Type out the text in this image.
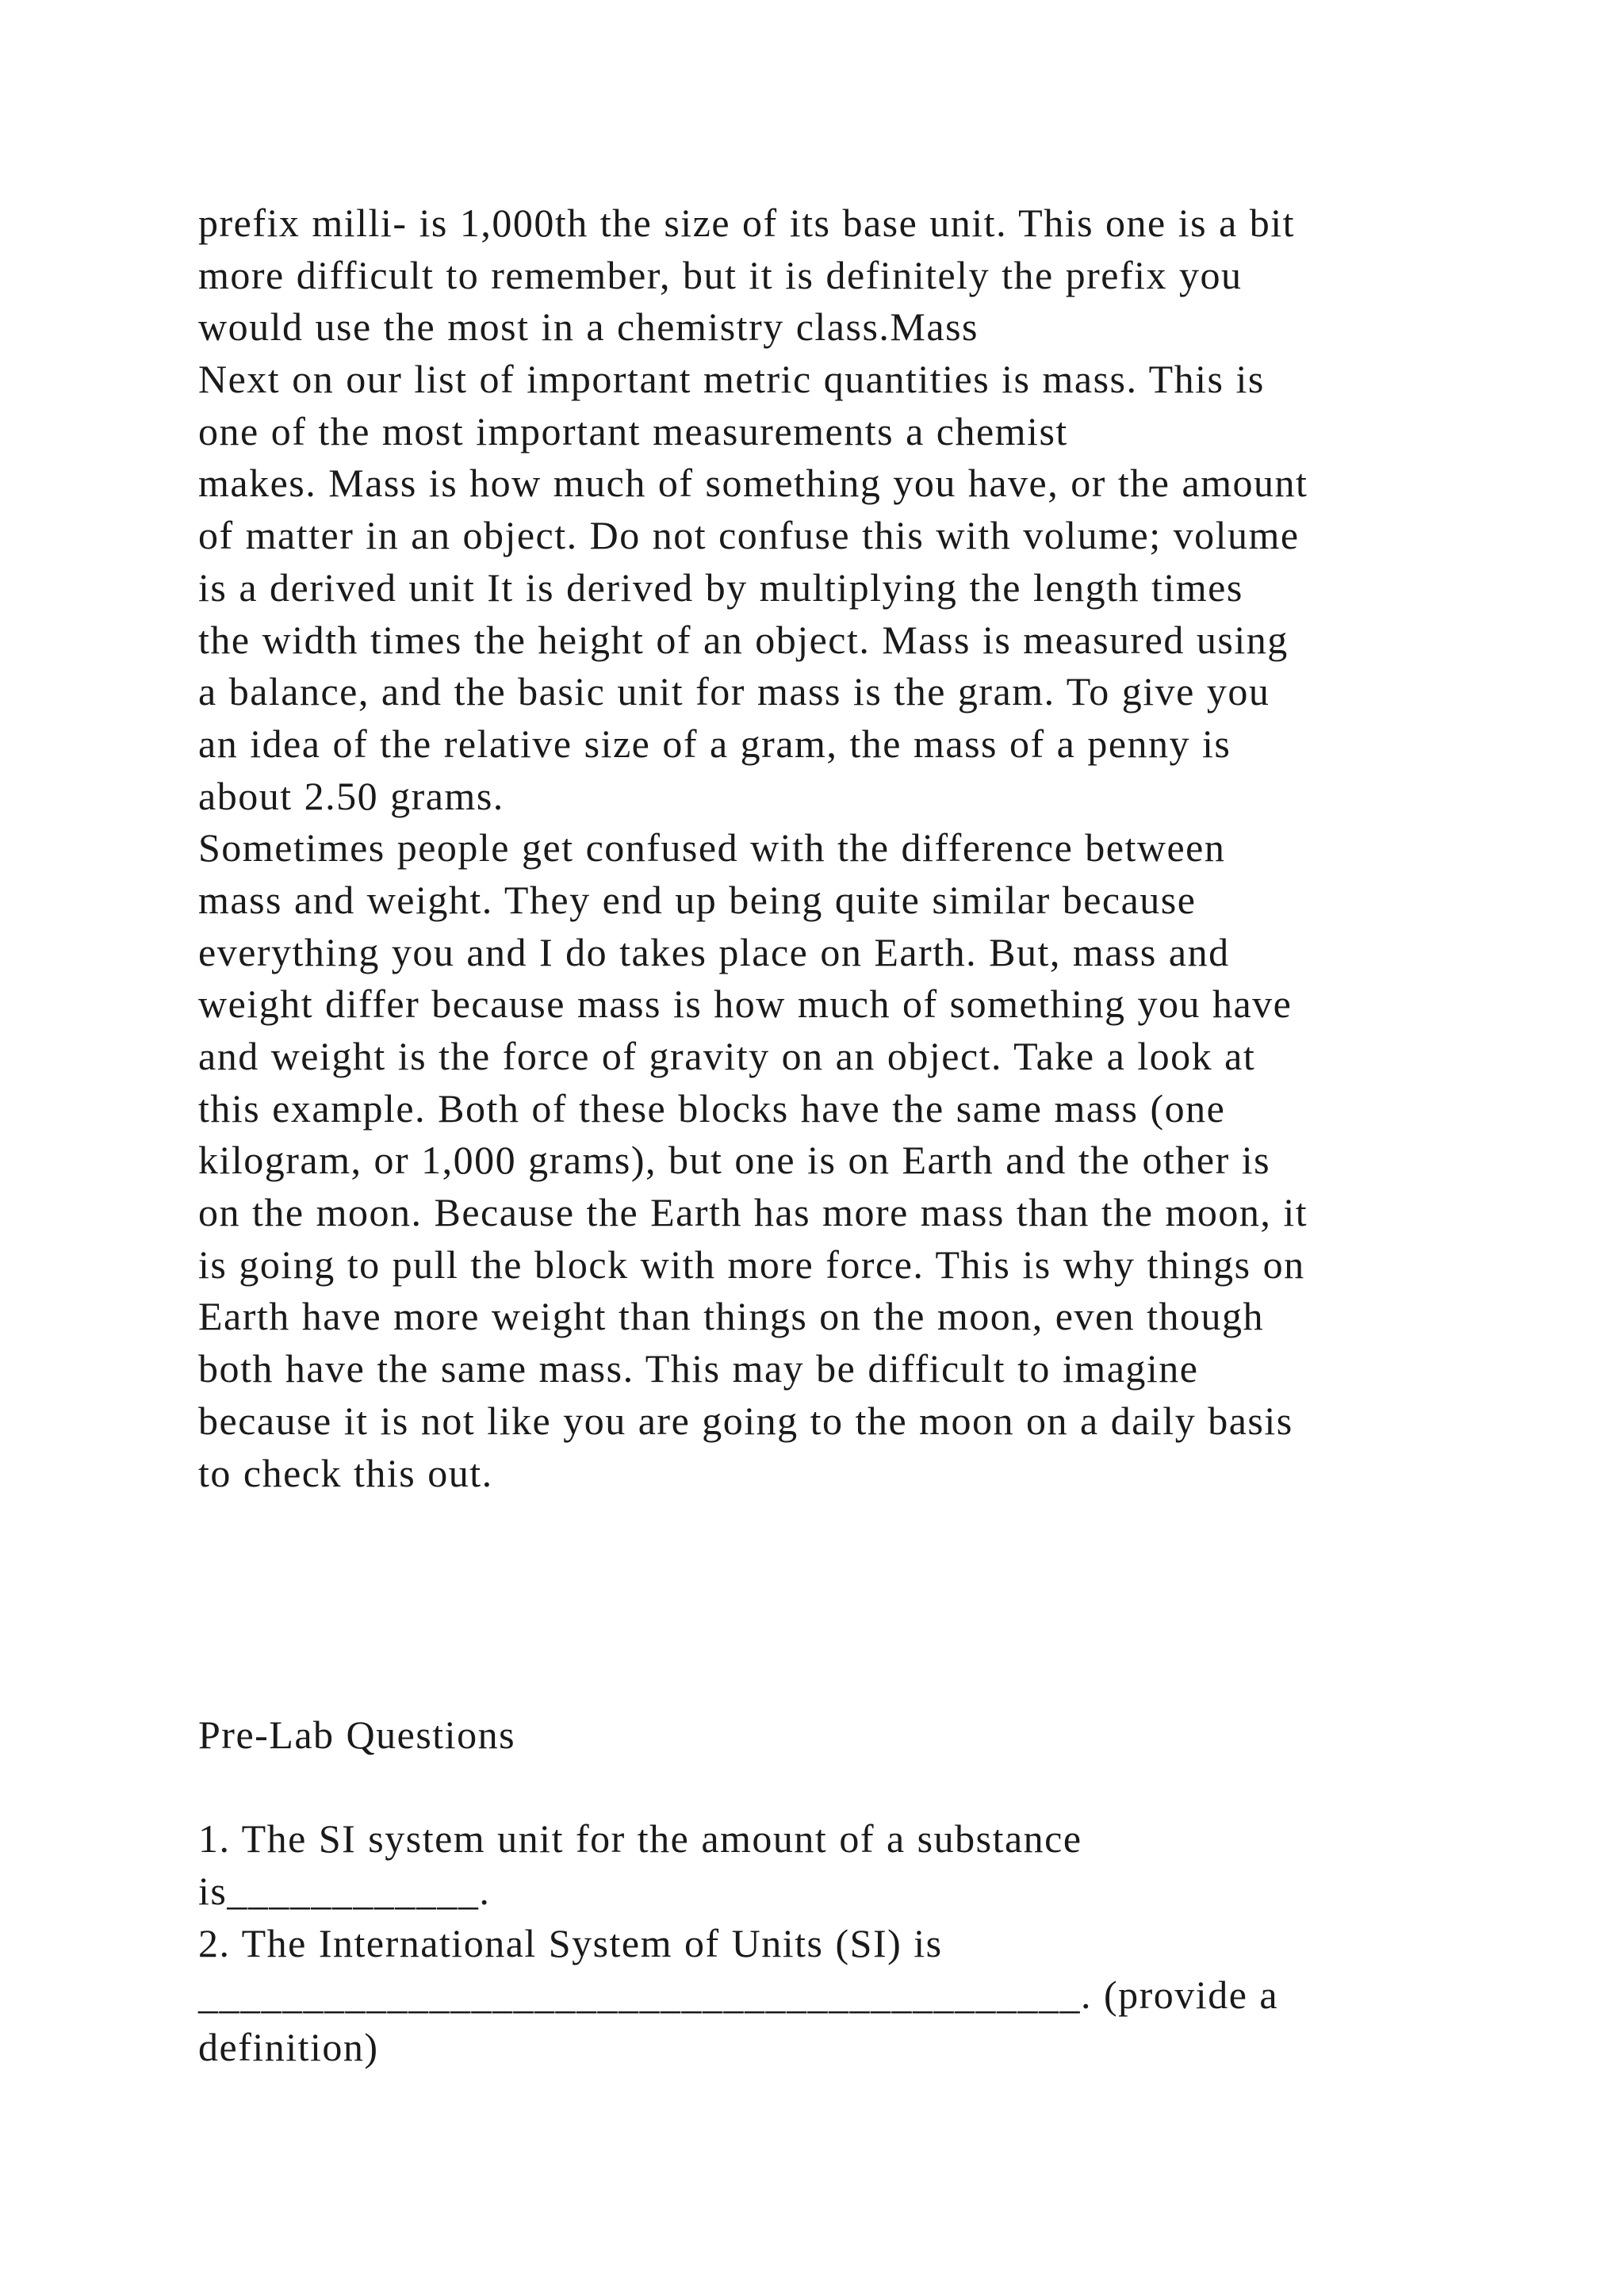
prefix milli- is 1,000th the size of its base unit. This one is a bit
more difficult to remember, but it is definitely the prefix you
would use the most in a chemistry class.Mass
Next on our list of important metric quantities is mass. This is
one of the most important measurements a chemist
makes. Mass is how much of something you have, or the amount
of matter in an object. Do not confuse this with volume; volume
is a derived unit It is derived by multiplying the length times
the width times the height of an object. Mass is measured using
a balance, and the basic unit for mass is the gram. To give you
an idea of the relative size of a gram, the mass of a penny is
about 2.50 grams.
Sometimes people get confused with the difference between
mass and weight. They end up being quite similar because
everything you and I do takes place on Earth. But, mass and
weight differ because mass is how much of something you have
and weight is the force of gravity on an object. Take a look at
this example. Both of these blocks have the same mass (one
kilogram, or 1,000 grams), but one is on Earth and the other is
on the moon. Because the Earth has more mass than the moon, it
is going to pull the block with more force. This is why things on
Earth have more weight than things on the moon, even though
both have the same mass. This may be difficult to imagine
because it is not like you are going to the moon on a daily basis
to check this out.
Pre-Lab Questions
1. The SI system unit for the amount of a substance
is____________.
2. The International System of Units (SI) is
__________________________________________. (provide a
definition)
